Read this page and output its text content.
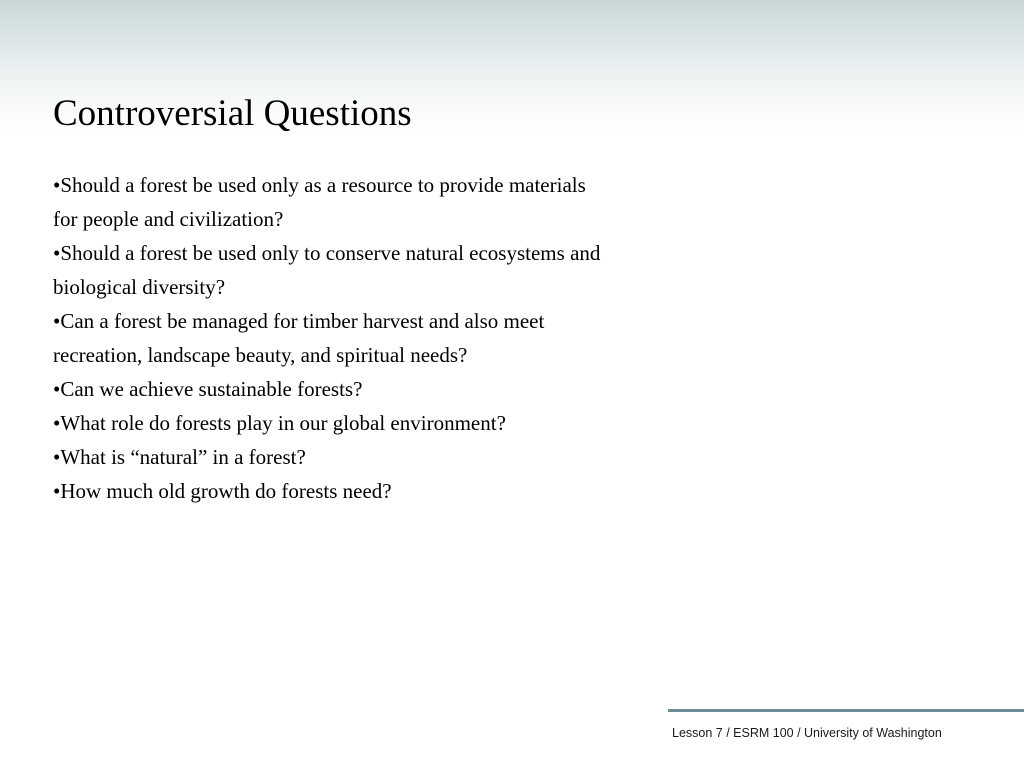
Controversial Questions
•Should a forest be used only as a resource to provide materials
for people and civilization?
•Should a forest be used only to conserve natural ecosystems and
biological diversity?
•Can a forest be managed for timber harvest and also meet
recreation, landscape beauty, and spiritual needs?
•Can we achieve sustainable forests?
•What role do forests play in our global environment?
•What is “natural” in a forest?
•How much old growth do forests need?
Lesson 7 / ESRM 100 / University of Washington
